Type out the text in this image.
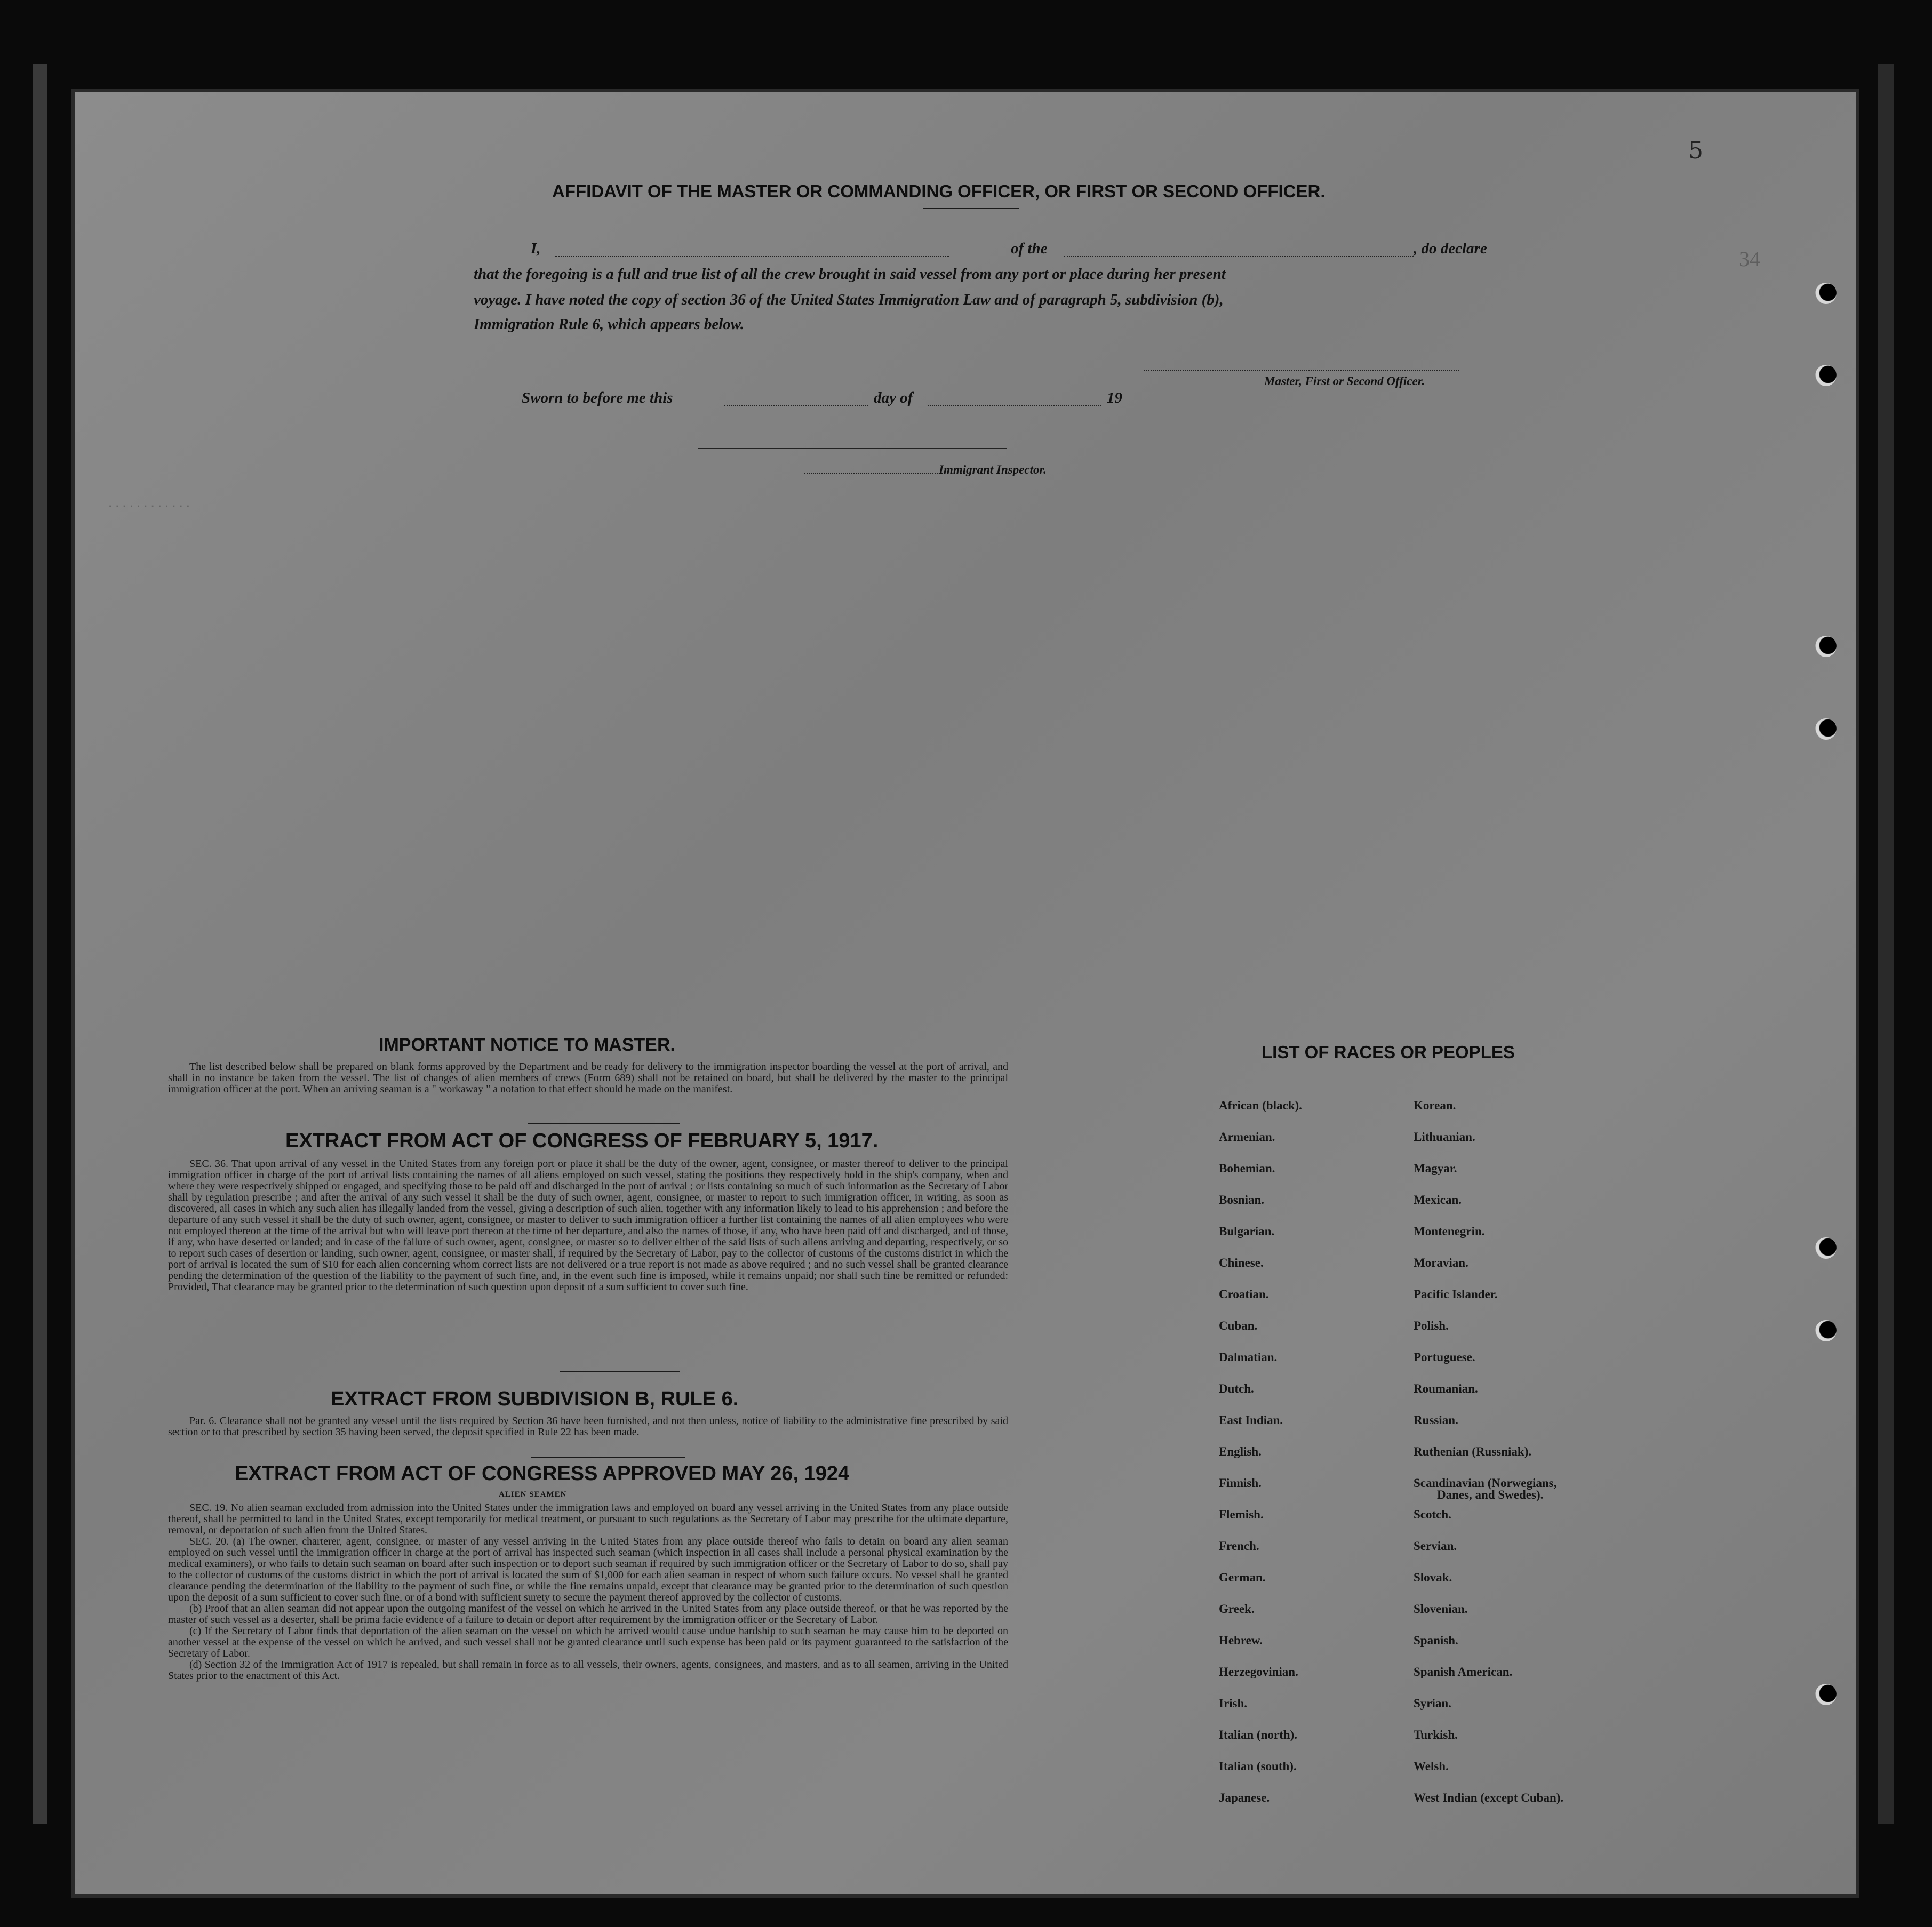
............
AFFIDAVIT OF THE MASTER OR COMMANDING OFFICER, OR FIRST OR SECOND OFFICER.
I,	of the	, do declare
that the foregoing is a full and true list of all the crew brought in said vessel from any port or place during her present
voyage. I have noted the copy of section 36 of the United States Immigration Law and of paragraph 5, subdivision (b),
Immigration Rule 6, which appears below.
Master, First or Second Officer.
Sworn to before me this	day of	19
Immigrant Inspector.
5
34
IMPORTANT NOTICE TO MASTER.

The list described below shall be prepared on blank forms approved by the Department and be ready for delivery to the immigration inspector boarding the vessel at the port of arrival, and shall in no instance be taken from the vessel. The list of changes of alien members of crews (Form 689) shall not be retained on board, but shall be delivered by the master to the principal immigration officer at the port. When an arriving seaman is a " workaway " a notation to that effect should be made on the manifest.

EXTRACT FROM ACT OF CONGRESS OF FEBRUARY 5, 1917.

SEC. 36. That upon arrival of any vessel in the United States from any foreign port or place it shall be the duty of the owner, agent, consignee, or master thereof to deliver to the principal immigration officer in charge of the port of arrival lists containing the names of all aliens employed on such vessel, stating the positions they respectively hold in the ship's company, when and where they were respectively shipped or engaged, and specifying those to be paid off and discharged in the port of arrival ; or lists containing so much of such information as the Secretary of Labor shall by regulation prescribe ; and after the arrival of any such vessel it shall be the duty of such owner, agent, consignee, or master to report to such immigration officer, in writing, as soon as discovered, all cases in which any such alien has illegally landed from the vessel, giving a description of such alien, together with any information likely to lead to his apprehension ; and before the departure of any such vessel it shall be the duty of such owner, agent, consignee, or master to deliver to such immigration officer a further list containing the names of all alien employees who were not employed thereon at the time of the arrival but who will leave port thereon at the time of her departure, and also the names of those, if any, who have been paid off and discharged, and of those, if any, who have deserted or landed; and in case of the failure of such owner, agent, consignee, or master so to deliver either of the said lists of such aliens arriving and departing, respectively, or so to report such cases of desertion or landing, such owner, agent, consignee, or master shall, if required by the Secretary of Labor, pay to the collector of customs of the customs district in which the port of arrival is located the sum of $10 for each alien concerning whom correct lists are not delivered or a true report is not made as above required ; and no such vessel shall be granted clearance pending the determination of the question of the liability to the payment of such fine, and, in the event such fine is imposed, while it remains unpaid; nor shall such fine be remitted or refunded: Provided, That clearance may be granted prior to the determination of such question upon deposit of a sum sufficient to cover such fine.

EXTRACT FROM SUBDIVISION B, RULE 6.

Par. 6. Clearance shall not be granted any vessel until the lists required by Section 36 have been furnished, and not then unless, notice of liability to the administrative fine prescribed by said section or to that prescribed by section 35 having been served, the deposit specified in Rule 22 has been made.

EXTRACT FROM ACT OF CONGRESS APPROVED MAY 26, 1924
ALIEN SEAMEN

SEC. 19. No alien seaman excluded from admission into the United States under the immigration laws and employed on board any vessel arriving in the United States from any place outside thereof, shall be permitted to land in the United States, except temporarily for medical treatment, or pursuant to such regulations as the Secretary of Labor may prescribe for the ultimate departure, removal, or deportation of such alien from the United States.

SEC. 20. (a) The owner, charterer, agent, consignee, or master of any vessel arriving in the United States from any place outside thereof who fails to detain on board any alien seaman employed on such vessel until the immigration officer in charge at the port of arrival has inspected such seaman (which inspection in all cases shall include a personal physical examination by the medical examiners), or who fails to detain such seaman on board after such inspection or to deport such seaman if required by such immigration officer or the Secretary of Labor to do so, shall pay to the collector of customs of the customs district in which the port of arrival is located the sum of $1,000 for each alien seaman in respect of whom such failure occurs. No vessel shall be granted clearance pending the determination of the liability to the payment of such fine, or while the fine remains unpaid, except that clearance may be granted prior to the determination of such question upon the deposit of a sum sufficient to cover such fine, or of a bond with sufficient surety to secure the payment thereof approved by the collector of customs.

(b) Proof that an alien seaman did not appear upon the outgoing manifest of the vessel on which he arrived in the United States from any place outside thereof, or that he was reported by the master of such vessel as a deserter, shall be prima facie evidence of a failure to detain or deport after requirement by the immigration officer or the Secretary of Labor.

(c) If the Secretary of Labor finds that deportation of the alien seaman on the vessel on which he arrived would cause undue hardship to such seaman he may cause him to be deported on another vessel at the expense of the vessel on which he arrived, and such vessel shall not be granted clearance until such expense has been paid or its payment guaranteed to the satisfaction of the Secretary of Labor.

(d) Section 32 of the Immigration Act of 1917 is repealed, but shall remain in force as to all vessels, their owners, agents, consignees, and masters, and as to all seamen, arriving in the United States prior to the enactment of this Act.

LIST OF RACES OR PEOPLES
African (black).
Armenian.
Bohemian.
Bosnian.
Bulgarian.
Chinese.
Croatian.
Cuban.
Dalmatian.
Dutch.
East Indian.
English.
Finnish.
Flemish.
French.
German.
Greek.
Hebrew.
Herzegovinian.
Irish.
Italian (north).
Italian (south).
Japanese.
Korean.
Lithuanian.
Magyar.
Mexican.
Montenegrin.
Moravian.
Pacific Islander.
Polish.
Portuguese.
Roumanian.
Russian.
Ruthenian (Russniak).
Scandinavian (Norwegians,
Danes, and Swedes).
Scotch.
Servian.
Slovak.
Slovenian.
Spanish.
Spanish American.
Syrian.
Turkish.
Welsh.
West Indian (except Cuban).
